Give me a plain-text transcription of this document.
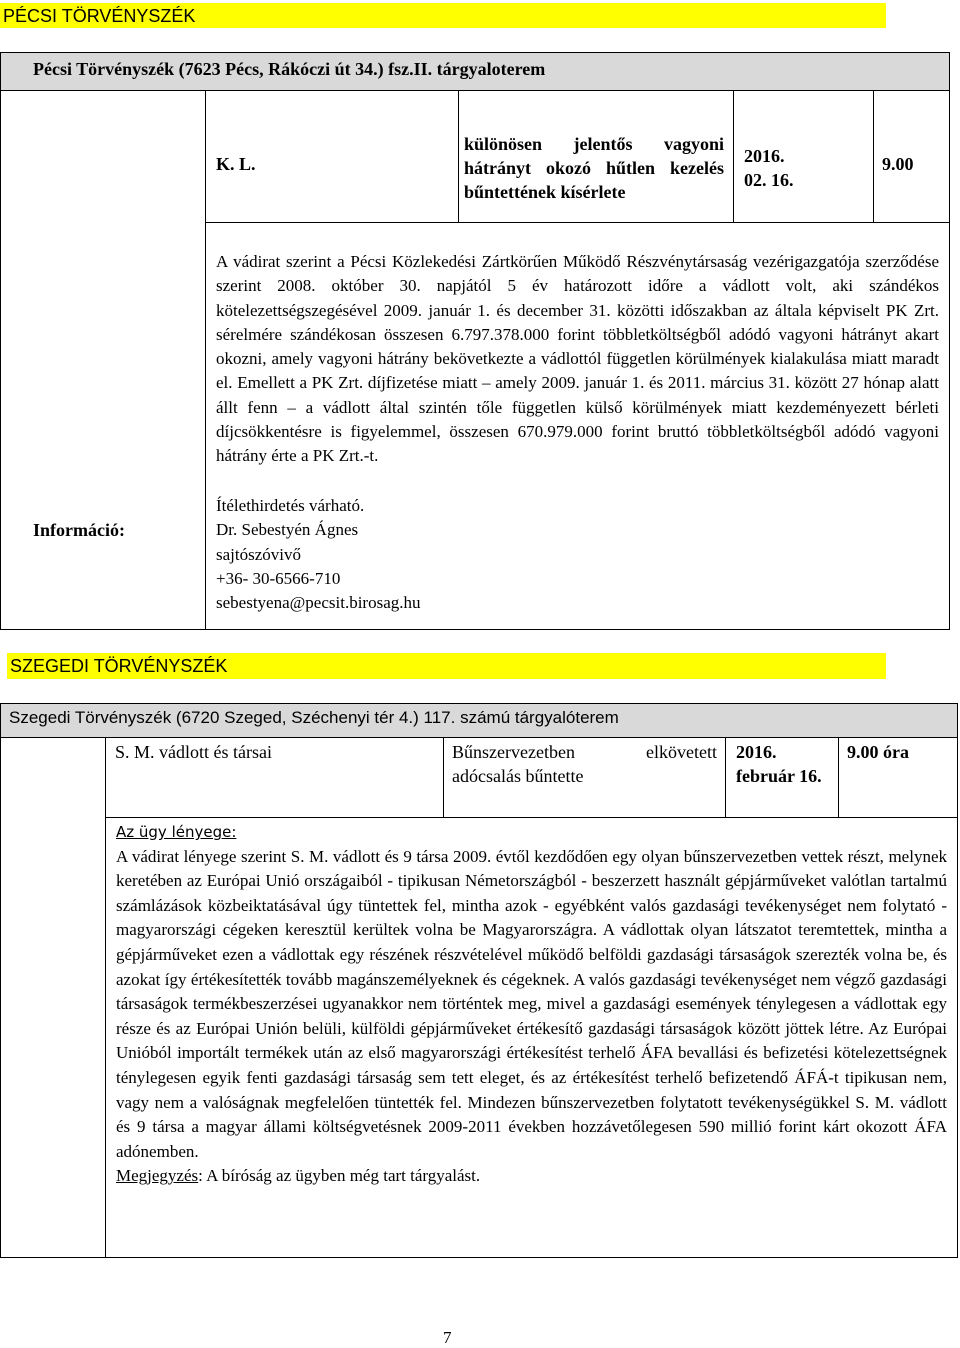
PÉCSI TÖRVÉNYSZÉK
Pécsi Törvényszék (7623 Pécs, Rákóczi út 34.) fsz.II. tárgyaloterem
K. L.
különösen jelentős vagyoni hátrányt okozó hűtlen kezelés bűntettének kísérlete
2016.
02. 16.
9.00
Információ:
A vádirat szerint a Pécsi Közlekedési Zártkörűen Működő Részvénytársaság vezérigazgatója szerződése szerint 2008. október 30. napjától 5 év határozott időre a vádlott volt, aki szándékos kötelezettségszegésével 2009. január 1. és december 31. közötti időszakban az általa képviselt PK Zrt. sérelmére szándékosan összesen 6.797.378.000 forint többletköltségből adódó vagyoni hátrányt akart okozni, amely vagyoni hátrány bekövetkezte a vádlottól független körülmények kialakulása miatt maradt el. Emellett a PK Zrt. díjfizetése miatt – amely 2009. január 1. és 2011. március 31. között 27 hónap alatt állt fenn – a vádlott által szintén tőle független külső körülmények miatt kezdeményezett bérleti díjcsökkentésre is figyelemmel, összesen 670.979.000 forint bruttó többletköltségből adódó vagyoni hátrány érte a PK Zrt.-t.
Ítélethirdetés várható.
Dr. Sebestyén Ágnes
sajtószóvivő
+36- 30-6566-710
sebestyena@pecsit.birosag.hu
SZEGEDI TÖRVÉNYSZÉK
Szegedi Törvényszék (6720 Szeged, Széchenyi tér 4.) 117. számú tárgyalóterem
S. M. vádlott és társai	Bűnszervezetben elkövetett adócsalás bűntette
2016.
február 16.
9.00 óra
Az ügy lényege:
A vádirat lényege szerint S. M. vádlott és 9 társa 2009. évtől kezdődően egy olyan bűnszervezetben vettek részt, melynek keretében az Európai Unió országaiból - tipikusan Németországból - beszerzett használt gépjárműveket valótlan tartalmú számlázások közbeiktatásával úgy tüntettek fel, mintha azok - egyébként valós gazdasági tevékenységet nem folytató - magyarországi cégeken keresztül kerültek volna be Magyarországra. A vádlottak olyan látszatot teremtettek, mintha a gépjárműveket ezen a vádlottak egy részének részvételével működő belföldi gazdasági társaságok szerezték volna be, és azokat így értékesítették tovább magánszemélyeknek és cégeknek. A valós gazdasági tevékenységet nem végző gazdasági társaságok termékbeszerzései ugyanakkor nem történtek meg, mivel a gazdasági események ténylegesen a vádlottak egy része és az Európai Unión belüli, külföldi gépjárműveket értékesítő gazdasági társaságok között jöttek létre. Az Európai Unióból importált termékek után az első magyarországi értékesítést terhelő ÁFA bevallási és befizetési kötelezettségnek ténylegesen egyik fenti gazdasági társaság sem tett eleget, és az értékesítést terhelő befizetendő ÁFÁ-t tipikusan nem, vagy nem a valóságnak megfelelően tüntették fel. Mindezen bűnszervezetben folytatott tevékenységükkel S. M. vádlott és 9 társa a magyar állami költségvetésnek 2009-2011 években hozzávetőlegesen 590 millió forint kárt okozott ÁFA adónemben.
Megjegyzés: A bíróság az ügyben még tart tárgyalást.
7
